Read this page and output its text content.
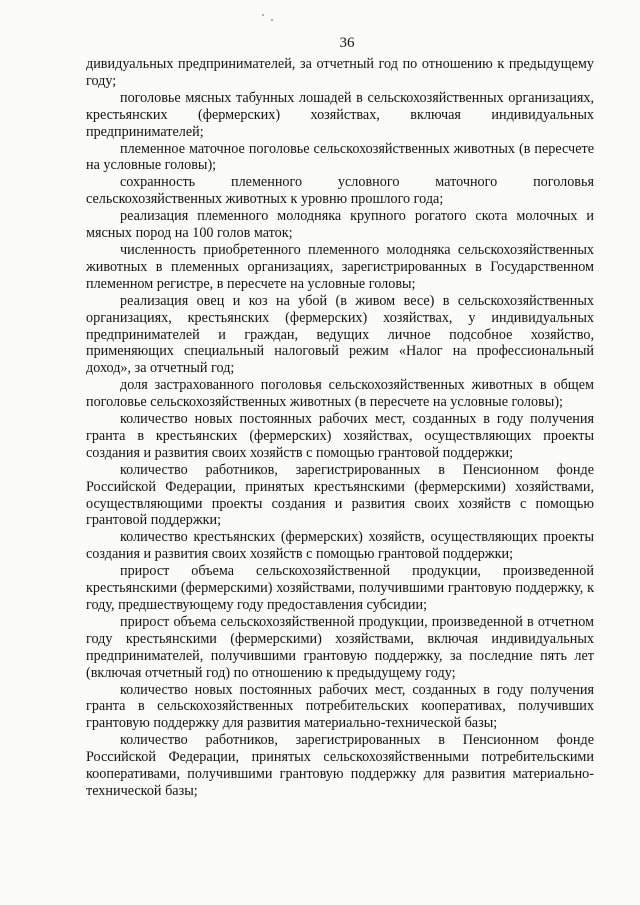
36

дивидуальных предпринимателей, за отчетный год по отношению к предыдущему году;

поголовье мясных табунных лошадей в сельскохозяйственных организациях, крестьянских (фермерских) хозяйствах, включая индивидуальных предпринимателей;

племенное маточное поголовье сельскохозяйственных животных (в пересчете на условные головы);

сохранность племенного условного маточного поголовья сельскохозяйственных животных к уровню прошлого года;

реализация племенного молодняка крупного рогатого скота молочных и мясных пород на 100 голов маток;

численность приобретенного племенного молодняка сельскохозяйственных животных в племенных организациях, зарегистрированных в Государственном племенном регистре, в пересчете на условные головы;

реализация овец и коз на убой (в живом весе) в сельскохозяйственных организациях, крестьянских (фермерских) хозяйствах, у индивидуальных предпринимателей и граждан, ведущих личное подсобное хозяйство, применяющих специальный налоговый режим «Налог на профессиональный доход», за отчетный год;

доля застрахованного поголовья сельскохозяйственных животных в общем поголовье сельскохозяйственных животных (в пересчете на условные головы);

количество новых постоянных рабочих мест, созданных в году получения гранта в крестьянских (фермерских) хозяйствах, осуществляющих проекты создания и развития своих хозяйств с помощью грантовой поддержки;

количество работников, зарегистрированных в Пенсионном фонде Российской Федерации, принятых крестьянскими (фермерскими) хозяйствами, осуществляющими проекты создания и развития своих хозяйств с помощью грантовой поддержки;

количество крестьянских (фермерских) хозяйств, осуществляющих проекты создания и развития своих хозяйств с помощью грантовой поддержки;

прирост объема сельскохозяйственной продукции, произведенной крестьянскими (фермерскими) хозяйствами, получившими грантовую поддержку, к году, предшествующему году предоставления субсидии;

прирост объема сельскохозяйственной продукции, произведенной в отчетном году крестьянскими (фермерскими) хозяйствами, включая индивидуальных предпринимателей, получившими грантовую поддержку, за последние пять лет (включая отчетный год) по отношению к предыдущему году;

количество новых постоянных рабочих мест, созданных в году получения гранта в сельскохозяйственных потребительских кооперативах, получивших грантовую поддержку для развития материально-технической базы;

количество работников, зарегистрированных в Пенсионном фонде Российской Федерации, принятых сельскохозяйственными потребительскими кооперативами, получившими грантовую поддержку для развития материально-технической базы;
